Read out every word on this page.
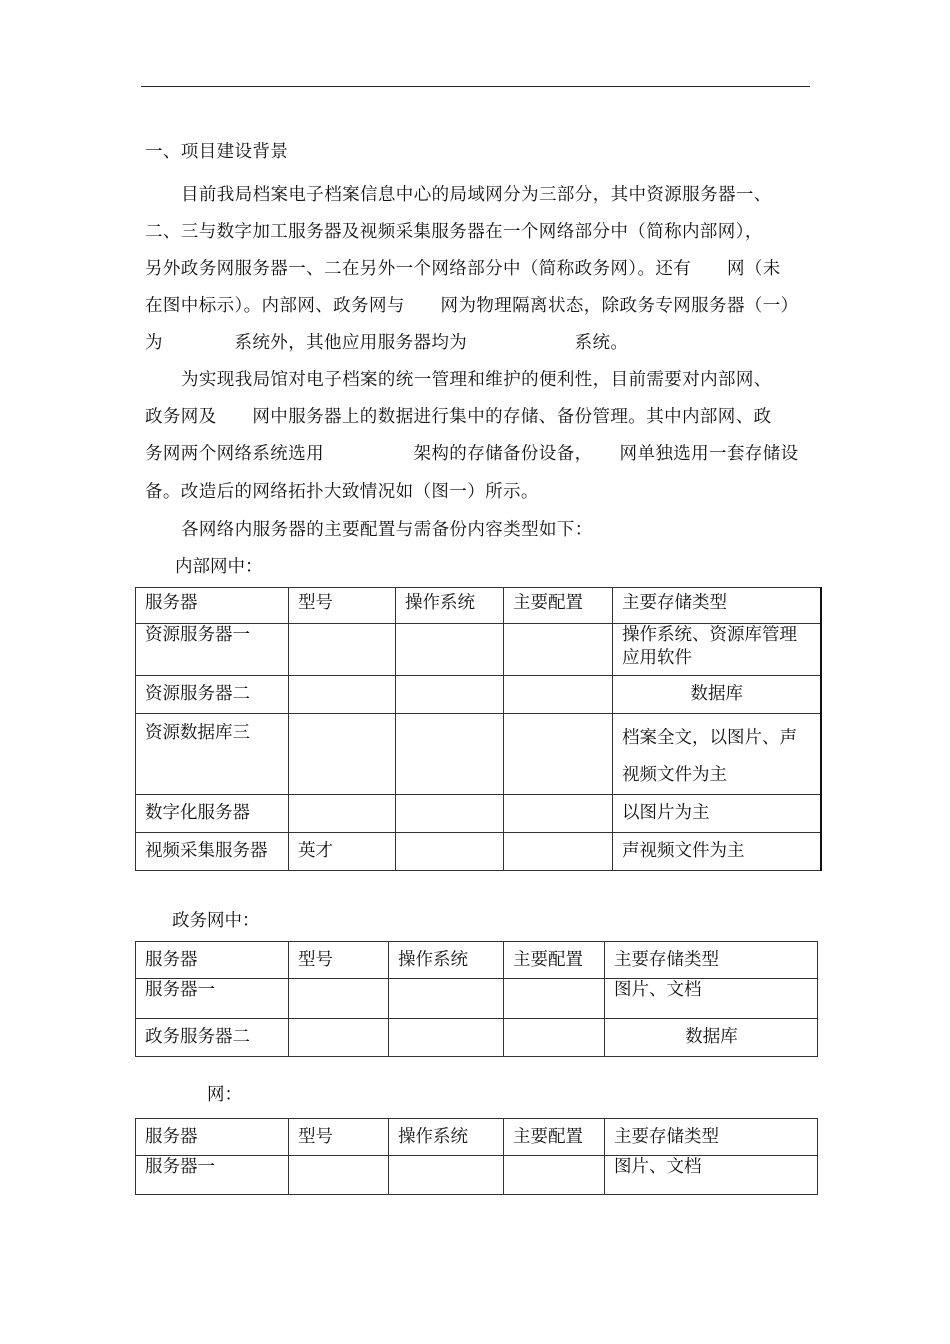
一、项目建设背景
目前我局档案电子档案信息中心的局域网分为三部分，其中资源服务器一、
二、三与数字加工服务器及视频采集服务器在一个网络部分中（简称内部网），
另外政务网服务器一、二在另外一个网络部分中（简称政务网）。还有　　网（未
在图中标示）。内部网、政务网与　　网为物理隔离状态，除政务专网服务器（一）
为　　　　系统外，其他应用服务器均为　　　　　　系统。
为实现我局馆对电子档案的统一管理和维护的便利性，目前需要对内部网、
政务网及　　网中服务器上的数据进行集中的存储、备份管理。其中内部网、政
务网两个网络系统选用　　　　　架构的存储备份设备，　　网单独选用一套存储设
备。改造后的网络拓扑大致情况如（图一）所示。
各网络内服务器的主要配置与需备份内容类型如下：
内部网中：
服务器	型号	操作系统	主要配置	主要存储类型
资源服务器一				操作系统、资源库管理应用软件
资源服务器二				数据库
资源数据库三				档案全文，以图片、声视频文件为主
数字化服务器				以图片为主
视频采集服务器	英才			声视频文件为主
政务网中：
服务器	型号	操作系统	主要配置	主要存储类型
服务器一				图片、文档
政务服务器二				数据库
网：
服务器	型号	操作系统	主要配置	主要存储类型
服务器一				图片、文档
